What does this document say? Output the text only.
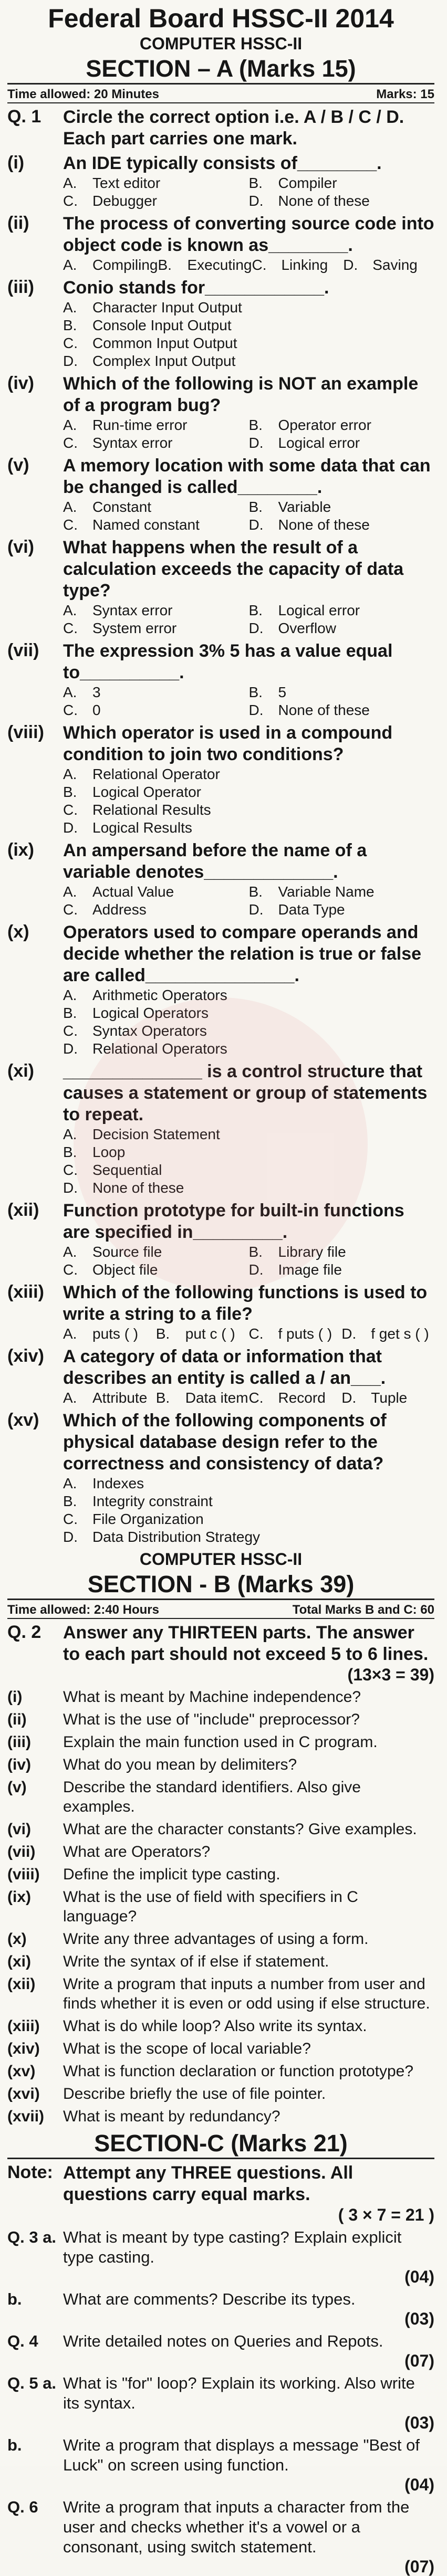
Federal Board HSSC-II 2014
COMPUTER HSSC-II
SECTION – A (Marks 15)
Time allowed: 20 Minutes	Marks: 15
Q. 1	Circle the correct option i.e. A / B / C / D. Each part carries one mark.
(i)	An IDE typically consists of________.
A.	Text editor	B.	Compiler
C.	Debugger	D.	None of these
(ii)	The process of converting source code into object code is known as________.
A.	Compiling B.	Executing C.	Linking D.	Saving
(iii)	Conio stands for____________.
A.	Character Input Output
B.	Console Input Output
C.	Common Input Output
D.	Complex Input Output
(iv)	Which of the following is NOT an example of a program bug?
A.	Run-time error	B.	Operator error
C.	Syntax error	D.	Logical error
(v)	A memory location with some data that can be changed is called________.
A.	Constant	B.	Variable
C.	Named constant	D.	None of these
(vi)	What happens when the result of a calculation exceeds the capacity of data type?
A.	Syntax error	B.	Logical error
C.	System error	D.	Overflow
(vii)	The expression 3% 5 has a value equal to__________.
A.	3	B.	5
C.	0	D.	None of these
(viii)	Which operator is used in a compound condition to join two conditions?
A.	Relational Operator
B.	Logical Operator
C.	Relational Results
D.	Logical Results
(ix)	An ampersand before the name of a variable denotes_____________.
A.	Actual Value	B.	Variable Name
C.	Address	D.	Data Type
(x)	Operators used to compare operands and decide whether the relation is true or false are called_______________.
A.	Arithmetic Operators
B.	Logical Operators
C.	Syntax Operators
D.	Relational Operators
(xi)	______________ is a control structure that causes a statement or group of statements to repeat.
A.	Decision Statement
B.	Loop
C.	Sequential
D.	None of these
(xii)	Function prototype for built-in functions are specified in_________.
A.	Source file	B.	Library file
C.	Object file	D.	Image file
(xiii)	Which of the following functions is used to write a string to a file?
A.	puts ( ) B.	put c ( ) C.	f puts ( ) D.	f get s ( )
(xiv)	A category of data or information that describes an entity is called a / an___.
A.	Attribute B.	Data item C.	Record D.	Tuple
(xv)	Which of the following components of physical database design refer to the correctness and consistency of data?
A.	Indexes
B.	Integrity constraint
C.	File Organization
D.	Data Distribution Strategy
COMPUTER HSSC-II
SECTION - B (Marks 39)
Time allowed: 2:40 Hours	Total Marks B and C: 60
Q. 2	Answer any THIRTEEN parts. The answer to each part should not exceed 5 to 6 lines.
(13×3 = 39)
(i)	What is meant by Machine independence?
(ii)	What is the use of "include" preprocessor?
(iii)	Explain the main function used in C program.
(iv)	What do you mean by delimiters?
(v)	Describe the standard identifiers. Also give examples.
(vi)	What are the character constants? Give examples.
(vii)	What are Operators?
(viii)	Define the implicit type casting.
(ix)	What is the use of field with specifiers in C language?
(x)	Write any three advantages of using a form.
(xi)	Write the syntax of if else if statement.
(xii)	Write a program that inputs a number from user and finds whether it is even or odd using if else structure.
(xiii)	What is do while loop? Also write its syntax.
(xiv)	What is the scope of local variable?
(xv)	What is function declaration or function prototype?
(xvi)	Describe briefly the use of file pointer.
(xvii)	What is meant by redundancy?
SECTION-C (Marks 21)
Note: Attempt any THREE questions. All questions carry equal marks.
( 3 × 7 = 21 )
Q. 3 a. What is meant by type casting? Explain explicit type casting.
(04)
b.	What are comments? Describe its types.
(03)
Q. 4	Write detailed notes on Queries and Repots.
(07)
Q. 5 a. What is "for" loop? Explain its working. Also write its syntax.
(03)
b.	Write a program that displays a message "Best of Luck" on screen using function.
(04)
Q. 6	Write a program that inputs a character from the user and checks whether it's a vowel or a consonant, using switch statement.
(07)
